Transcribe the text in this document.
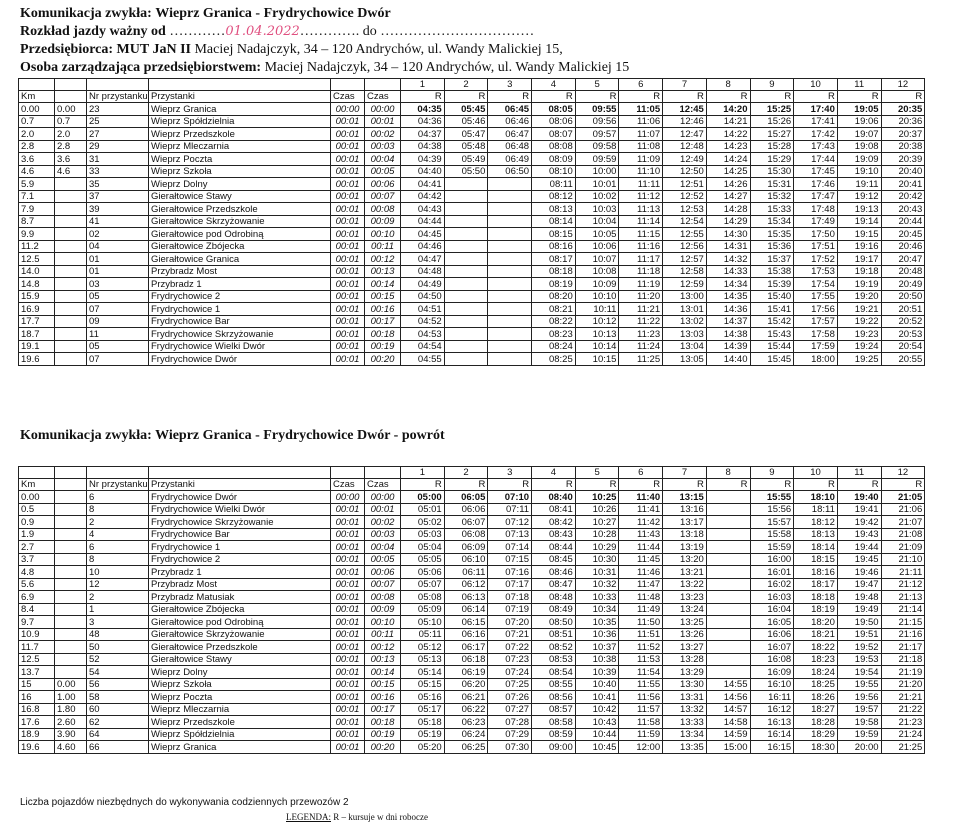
Komunikacja zwykła: Wieprz Granica - Frydrychowice Dwór
Rozkład jazdy ważny od …………01.04.2022…………. do ……………………………
Przedsiębiorca: MUT JaN II Maciej Nadajczyk, 34 – 120 Andrychów, ul. Wandy Malickiej 15,
Osoba zarządzająca przedsiębiorstwem: Maciej Nadajczyk, 34 – 120 Andrychów, ul. Wandy Malickiej 15
						1	2	3	4	5	6	7	8	9	10	11	12
Km		Nr przystanku	Przystanki	Czas	Czas	R	R	R	R	R	R	R	R	R	R	R	R
0.00	0.00	23	Wieprz Granica	00:00	00:00	04:35	05:45	06:45	08:05	09:55	11:05	12:45	14:20	15:25	17:40	19:05	20:35
0.7	0.7	25	Wieprz Spółdzielnia	00:01	00:01	04:36	05:46	06:46	08:06	09:56	11:06	12:46	14:21	15:26	17:41	19:06	20:36
2.0	2.0	27	Wieprz Przedszkole	00:01	00:02	04:37	05:47	06:47	08:07	09:57	11:07	12:47	14:22	15:27	17:42	19:07	20:37
2.8	2.8	29	Wieprz Mleczarnia	00:01	00:03	04:38	05:48	06:48	08:08	09:58	11:08	12:48	14:23	15:28	17:43	19:08	20:38
3.6	3.6	31	Wieprz Poczta	00:01	00:04	04:39	05:49	06:49	08:09	09:59	11:09	12:49	14:24	15:29	17:44	19:09	20:39
4.6	4.6	33	Wieprz Szkoła	00:01	00:05	04:40	05:50	06:50	08:10	10:00	11:10	12:50	14:25	15:30	17:45	19:10	20:40
5.9		35	Wieprz Dolny	00:01	00:06	04:41			08:11	10:01	11:11	12:51	14:26	15:31	17:46	19:11	20:41
7.1		37	Gierałtowice Stawy	00:01	00:07	04:42			08:12	10:02	11:12	12:52	14:27	15:32	17:47	19:12	20:42
7.9		39	Gierałtowice Przedszkole	00:01	00:08	04:43			08:13	10:03	11:13	12:53	14:28	15:33	17:48	19:13	20:43
8.7		41	Gierałtowice Skrzyżowanie	00:01	00:09	04:44			08:14	10:04	11:14	12:54	14:29	15:34	17:49	19:14	20:44
9.9		02	Gierałtowice pod Odrobiną	00:01	00:10	04:45			08:15	10:05	11:15	12:55	14:30	15:35	17:50	19:15	20:45
11.2		04	Gierałtowice Zbójecka	00:01	00:11	04:46			08:16	10:06	11:16	12:56	14:31	15:36	17:51	19:16	20:46
12.5		01	Gierałtowice Granica	00:01	00:12	04:47			08:17	10:07	11:17	12:57	14:32	15:37	17:52	19:17	20:47
14.0		01	Przybradz Most	00:01	00:13	04:48			08:18	10:08	11:18	12:58	14:33	15:38	17:53	19:18	20:48
14.8		03	Przybradz 1	00:01	00:14	04:49			08:19	10:09	11:19	12:59	14:34	15:39	17:54	19:19	20:49
15.9		05	Frydrychowice 2	00:01	00:15	04:50			08:20	10:10	11:20	13:00	14:35	15:40	17:55	19:20	20:50
16.9		07	Frydrychowice 1	00:01	00:16	04:51			08:21	10:11	11:21	13:01	14:36	15:41	17:56	19:21	20:51
17.7		09	Frydrychowice Bar	00:01	00:17	04:52			08:22	10:12	11:22	13:02	14:37	15:42	17:57	19:22	20:52
18.7		11	Frydrychowice Skrzyżowanie	00:01	00:18	04:53			08:23	10:13	11:23	13:03	14:38	15:43	17:58	19:23	20:53
19.1		05	Frydrychowice Wielki Dwór	00:01	00:19	04:54			08:24	10:14	11:24	13:04	14:39	15:44	17:59	19:24	20:54
19.6		07	Frydrychowice Dwór	00:01	00:20	04:55			08:25	10:15	11:25	13:05	14:40	15:45	18:00	19:25	20:55
Komunikacja zwykła: Wieprz Granica - Frydrychowice Dwór - powrót
						1	2	3	4	5	6	7	8	9	10	11	12
Km		Nr przystanku	Przystanki	Czas	Czas	R	R	R	R	R	R	R	R	R	R	R	R
0.00		6	Frydrychowice Dwór	00:00	00:00	05:00	06:05	07:10	08:40	10:25	11:40	13:15		15:55	18:10	19:40	21:05
0.5		8	Frydrychowice Wielki Dwór	00:01	00:01	05:01	06:06	07:11	08:41	10:26	11:41	13:16		15:56	18:11	19:41	21:06
0.9		2	Frydrychowice Skrzyżowanie	00:01	00:02	05:02	06:07	07:12	08:42	10:27	11:42	13:17		15:57	18:12	19:42	21:07
1.9		4	Frydrychowice Bar	00:01	00:03	05:03	06:08	07:13	08:43	10:28	11:43	13:18		15:58	18:13	19:43	21:08
2.7		6	Frydrychowice 1	00:01	00:04	05:04	06:09	07:14	08:44	10:29	11:44	13:19		15:59	18:14	19:44	21:09
3.7		8	Frydrychowice 2	00:01	00:05	05:05	06:10	07:15	08:45	10:30	11:45	13:20		16:00	18:15	19:45	21:10
4.8		10	Przybradz 1	00:01	00:06	05:06	06:11	07:16	08:46	10:31	11:46	13:21		16:01	18:16	19:46	21:11
5.6		12	Przybradz Most	00:01	00:07	05:07	06:12	07:17	08:47	10:32	11:47	13:22		16:02	18:17	19:47	21:12
6.9		2	Przybradz Matusiak	00:01	00:08	05:08	06:13	07:18	08:48	10:33	11:48	13:23		16:03	18:18	19:48	21:13
8.4		1	Gierałtowice Zbójecka	00:01	00:09	05:09	06:14	07:19	08:49	10:34	11:49	13:24		16:04	18:19	19:49	21:14
9.7		3	Gierałtowice pod Odrobiną	00:01	00:10	05:10	06:15	07:20	08:50	10:35	11:50	13:25		16:05	18:20	19:50	21:15
10.9		48	Gierałtowice Skrzyżowanie	00:01	00:11	05:11	06:16	07:21	08:51	10:36	11:51	13:26		16:06	18:21	19:51	21:16
11.7		50	Gierałtowice Przedszkole	00:01	00:12	05:12	06:17	07:22	08:52	10:37	11:52	13:27		16:07	18:22	19:52	21:17
12.5		52	Gierałtowice Stawy	00:01	00:13	05:13	06:18	07:23	08:53	10:38	11:53	13:28		16:08	18:23	19:53	21:18
13.7		54	Wieprz Dolny	00:01	00:14	05:14	06:19	07:24	08:54	10:39	11:54	13:29		16:09	18:24	19:54	21:19
15	0.00	56	Wieprz Szkoła	00:01	00:15	05:15	06:20	07:25	08:55	10:40	11:55	13:30	14:55	16:10	18:25	19:55	21:20
16	1.00	58	Wieprz Poczta	00:01	00:16	05:16	06:21	07:26	08:56	10:41	11:56	13:31	14:56	16:11	18:26	19:56	21:21
16.8	1.80	60	Wieprz Mleczarnia	00:01	00:17	05:17	06:22	07:27	08:57	10:42	11:57	13:32	14:57	16:12	18:27	19:57	21:22
17.6	2.60	62	Wieprz Przedszkole	00:01	00:18	05:18	06:23	07:28	08:58	10:43	11:58	13:33	14:58	16:13	18:28	19:58	21:23
18.9	3.90	64	Wieprz Spółdzielnia	00:01	00:19	05:19	06:24	07:29	08:59	10:44	11:59	13:34	14:59	16:14	18:29	19:59	21:24
19.6	4.60	66	Wieprz Granica	00:01	00:20	05:20	06:25	07:30	09:00	10:45	12:00	13:35	15:00	16:15	18:30	20:00	21:25
Liczba pojazdów niezbędnych do wykonywania codziennych przewozów 2
LEGENDA: R – kursuje w dni robocze
